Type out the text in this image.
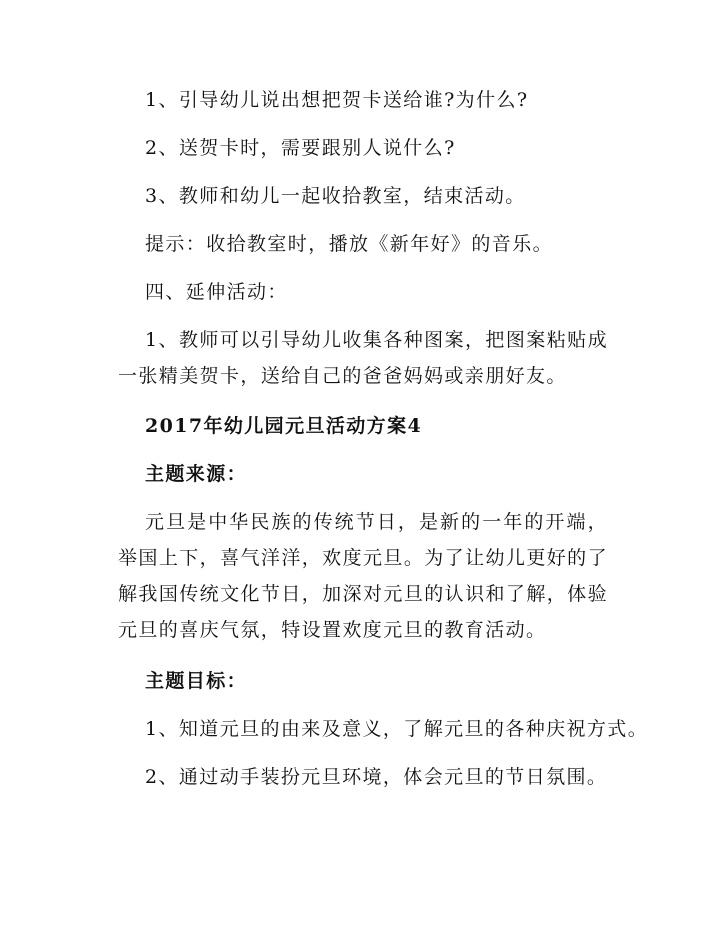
1、引导幼儿说出想把贺卡送给谁?为什么?
2、送贺卡时，需要跟别人说什么?
3、教师和幼儿一起收拾教室，结束活动。
提示：收拾教室时，播放《新年好》的音乐。
四、延伸活动：
1、教师可以引导幼儿收集各种图案，把图案粘贴成一张精美贺卡，送给自己的爸爸妈妈或亲朋好友。
2017年幼儿园元旦活动方案4
主题来源：
元旦是中华民族的传统节日，是新的一年的开端，举国上下，喜气洋洋，欢度元旦。为了让幼儿更好的了解我国传统文化节日，加深对元旦的认识和了解，体验元旦的喜庆气氛，特设置欢度元旦的教育活动。
主题目标：
1、知道元旦的由来及意义，了解元旦的各种庆祝方式。
2、通过动手装扮元旦环境，体会元旦的节日氛围。
